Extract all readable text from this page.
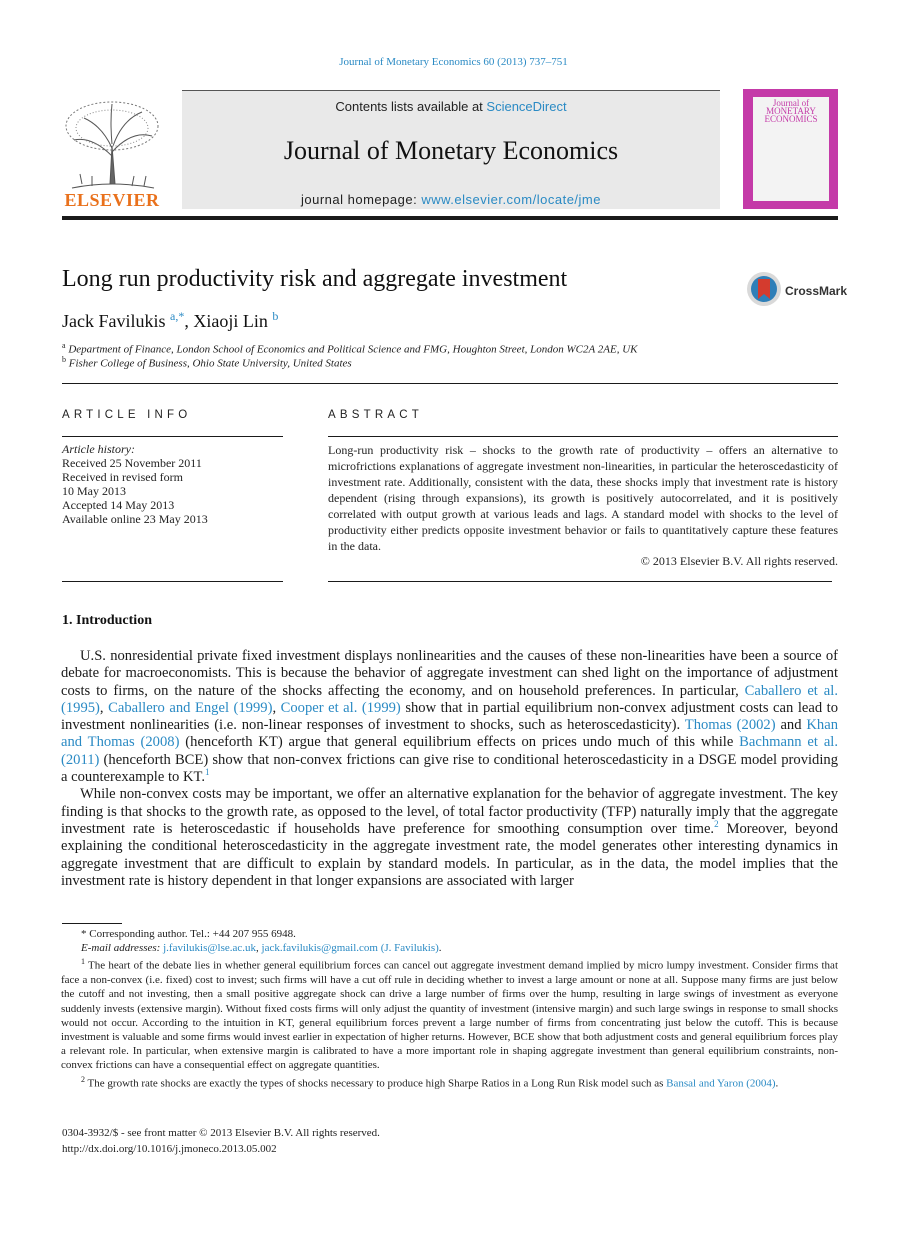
Journal of Monetary Economics 60 (2013) 737–751
Contents lists available at ScienceDirect
Journal of Monetary Economics
journal homepage: www.elsevier.com/locate/jme
ELSEVIER
Journal of MONETARY ECONOMICS
Long run productivity risk and aggregate investment	CrossMark
Jack Favilukis $^{a,*}$, Xiaoji Lin $^b$
$^a$ Department of Finance, London School of Economics and Political Science and FMG, Houghton Street, London WC2A 2AE, UK
$^b$ Fisher College of Business, Ohio State University, United States
ARTICLE INFO
Article history:
Received 25 November 2011
Received in revised form
10 May 2013
Accepted 14 May 2013
Available online 23 May 2013
ABSTRACT
Long-run productivity risk – shocks to the growth rate of productivity – offers an alternative to microfrictions explanations of aggregate investment non-linearities, in particular the heteroscedasticity of investment rate. Additionally, consistent with the data, these shocks imply that investment rate is history dependent (rising through expansions), its growth is positively autocorrelated, and it is positively correlated with output growth at various leads and lags. A standard model with shocks to the level of productivity either predicts opposite investment behavior or fails to quantitatively capture these features in the data.
© 2013 Elsevier B.V. All rights reserved.
1. Introduction

U.S. nonresidential private fixed investment displays nonlinearities and the causes of these non-linearities have been a source of debate for macroeconomists. This is because the behavior of aggregate investment can shed light on the importance of adjustment costs to firms, on the nature of the shocks affecting the economy, and on household preferences. In particular, Caballero et al. (1995), Caballero and Engel (1999), Cooper et al. (1999) show that in partial equilibrium non-convex adjustment costs can lead to investment nonlinearities (i.e. non-linear responses of investment to shocks, such as heteroscedasticity). Thomas (2002) and Khan and Thomas (2008) (henceforth KT) argue that general equilibrium effects on prices undo much of this while Bachmann et al. (2011) (henceforth BCE) show that non-convex frictions can give rise to conditional heteroscedasticity in a DSGE model providing a counterexample to KT.$^1$

While non-convex costs may be important, we offer an alternative explanation for the behavior of aggregate investment. The key finding is that shocks to the growth rate, as opposed to the level, of total factor productivity (TFP) naturally imply that the aggregate investment rate is heteroscedastic if households have preference for smoothing consumption over time.$^2$ Moreover, beyond explaining the conditional heteroscedasticity in the aggregate investment rate, the model generates other interesting dynamics in aggregate investment that are difficult to explain by standard models. In particular, as in the data, the model implies that the investment rate is history dependent in that longer expansions are associated with larger

* Corresponding author. Tel.: +44 207 955 6948.

E-mail addresses: j.favilukis@lse.ac.uk, jack.favilukis@gmail.com (J. Favilukis).

$^1$ The heart of the debate lies in whether general equilibrium forces can cancel out aggregate investment demand implied by micro lumpy investment. Consider firms that face a non-convex (i.e. fixed) cost to invest; such firms will have a cut off rule in deciding whether to invest a large amount or none at all. Suppose many firms are just below the cutoff and not investing, then a small positive aggregate shock can drive a large number of firms over the hump, resulting in large swings of investment as everyone suddenly invests (extensive margin). Without fixed costs firms will only adjust the quantity of investment (intensive margin) and such large swings in response to small shocks would not occur. According to the intuition in KT, general equilibrium forces prevent a large number of firms from concentrating just below the cutoff. This is because investment is valuable and some firms would invest earlier in expectation of higher returns. However, BCE show that both adjustment costs and general equilibrium forces play a relevant role. In particular, when extensive margin is calibrated to have a more important role in shaping aggregate investment than general equilibrium constraints, non-convex frictions can have a consequential effect on aggregate quantities.

$^2$ The growth rate shocks are exactly the types of shocks necessary to produce high Sharpe Ratios in a Long Run Risk model such as Bansal and Yaron (2004).

0304-3932/$ - see front matter © 2013 Elsevier B.V. All rights reserved.
http://dx.doi.org/10.1016/j.jmoneco.2013.05.002
